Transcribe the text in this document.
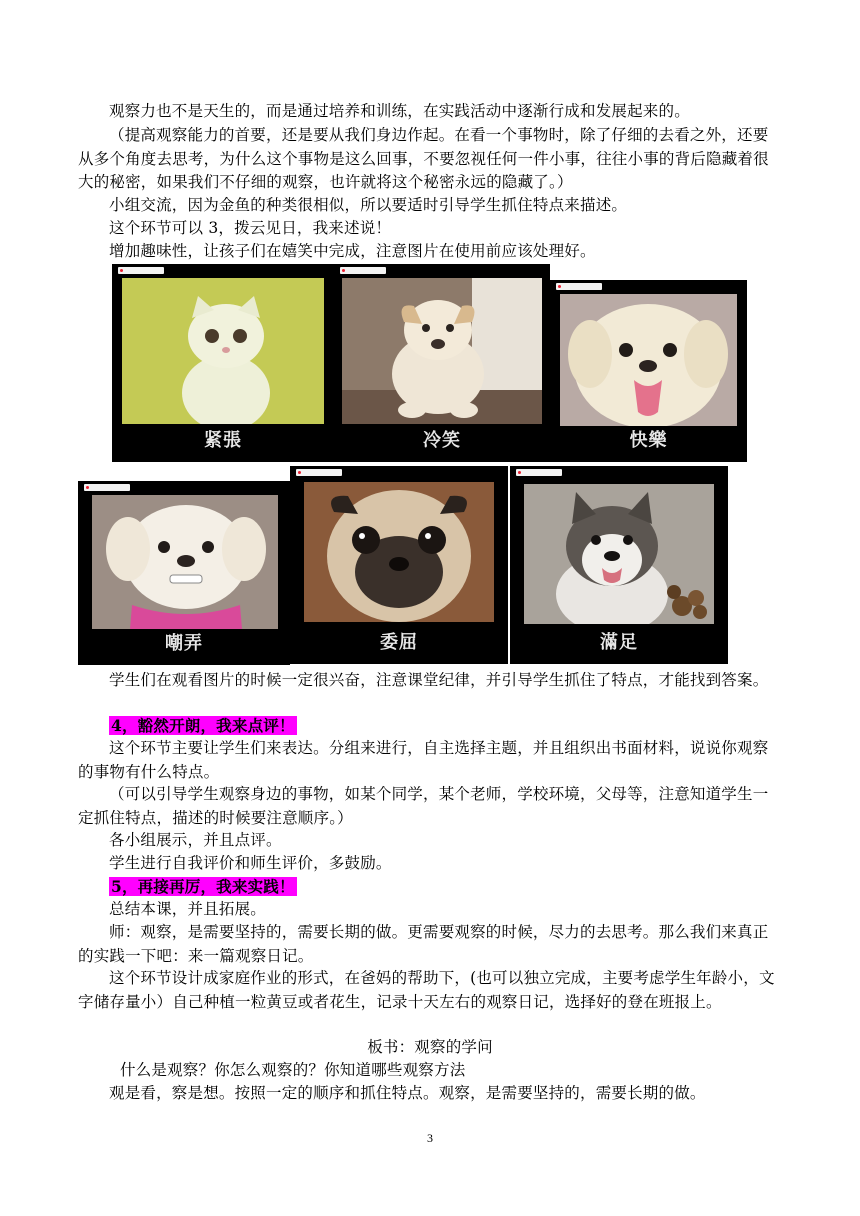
观察力也不是天生的，而是通过培养和训练，在实践活动中逐渐行成和发展起来的。
（提高观察能力的首要，还是要从我们身边作起。在看一个事物时，除了仔细的去看之外，还要从多个角度去思考，为什么这个事物是这么回事，不要忽视任何一件小事，往往小事的背后隐藏着很大的秘密，如果我们不仔细的观察，也许就将这个秘密永远的隐藏了。）
小组交流，因为金鱼的种类很相似，所以要适时引导学生抓住特点来描述。
这个环节可以 3，拨云见日，我来述说！
增加趣味性，让孩子们在嬉笑中完成，注意图片在使用前应该处理好。
紧張	冷笑	快樂
嘲弄	委屈	滿足
学生们在观看图片的时候一定很兴奋，注意课堂纪律，并引导学生抓住了特点，才能找到答案。
4，豁然开朗，我来点评！
这个环节主要让学生们来表达。分组来进行，自主选择主题，并且组织出书面材料，说说你观察的事物有什么特点。
（可以引导学生观察身边的事物，如某个同学，某个老师，学校环境，父母等，注意知道学生一定抓住特点，描述的时候要注意顺序。）
各小组展示，并且点评。
学生进行自我评价和师生评价，多鼓励。
5，再接再厉，我来实践！
总结本课，并且拓展。
师：观察，是需要坚持的，需要长期的做。更需要观察的时候，尽力的去思考。那么我们来真正的实践一下吧：来一篇观察日记。
这个环节设计成家庭作业的形式，在爸妈的帮助下，(也可以独立完成，主要考虑学生年龄小，文字储存量小）自己种植一粒黄豆或者花生，记录十天左右的观察日记，选择好的登在班报上。
板书：观察的学问
什么是观察？你怎么观察的？你知道哪些观察方法
观是看，察是想。按照一定的顺序和抓住特点。观察，是需要坚持的，需要长期的做。
3
